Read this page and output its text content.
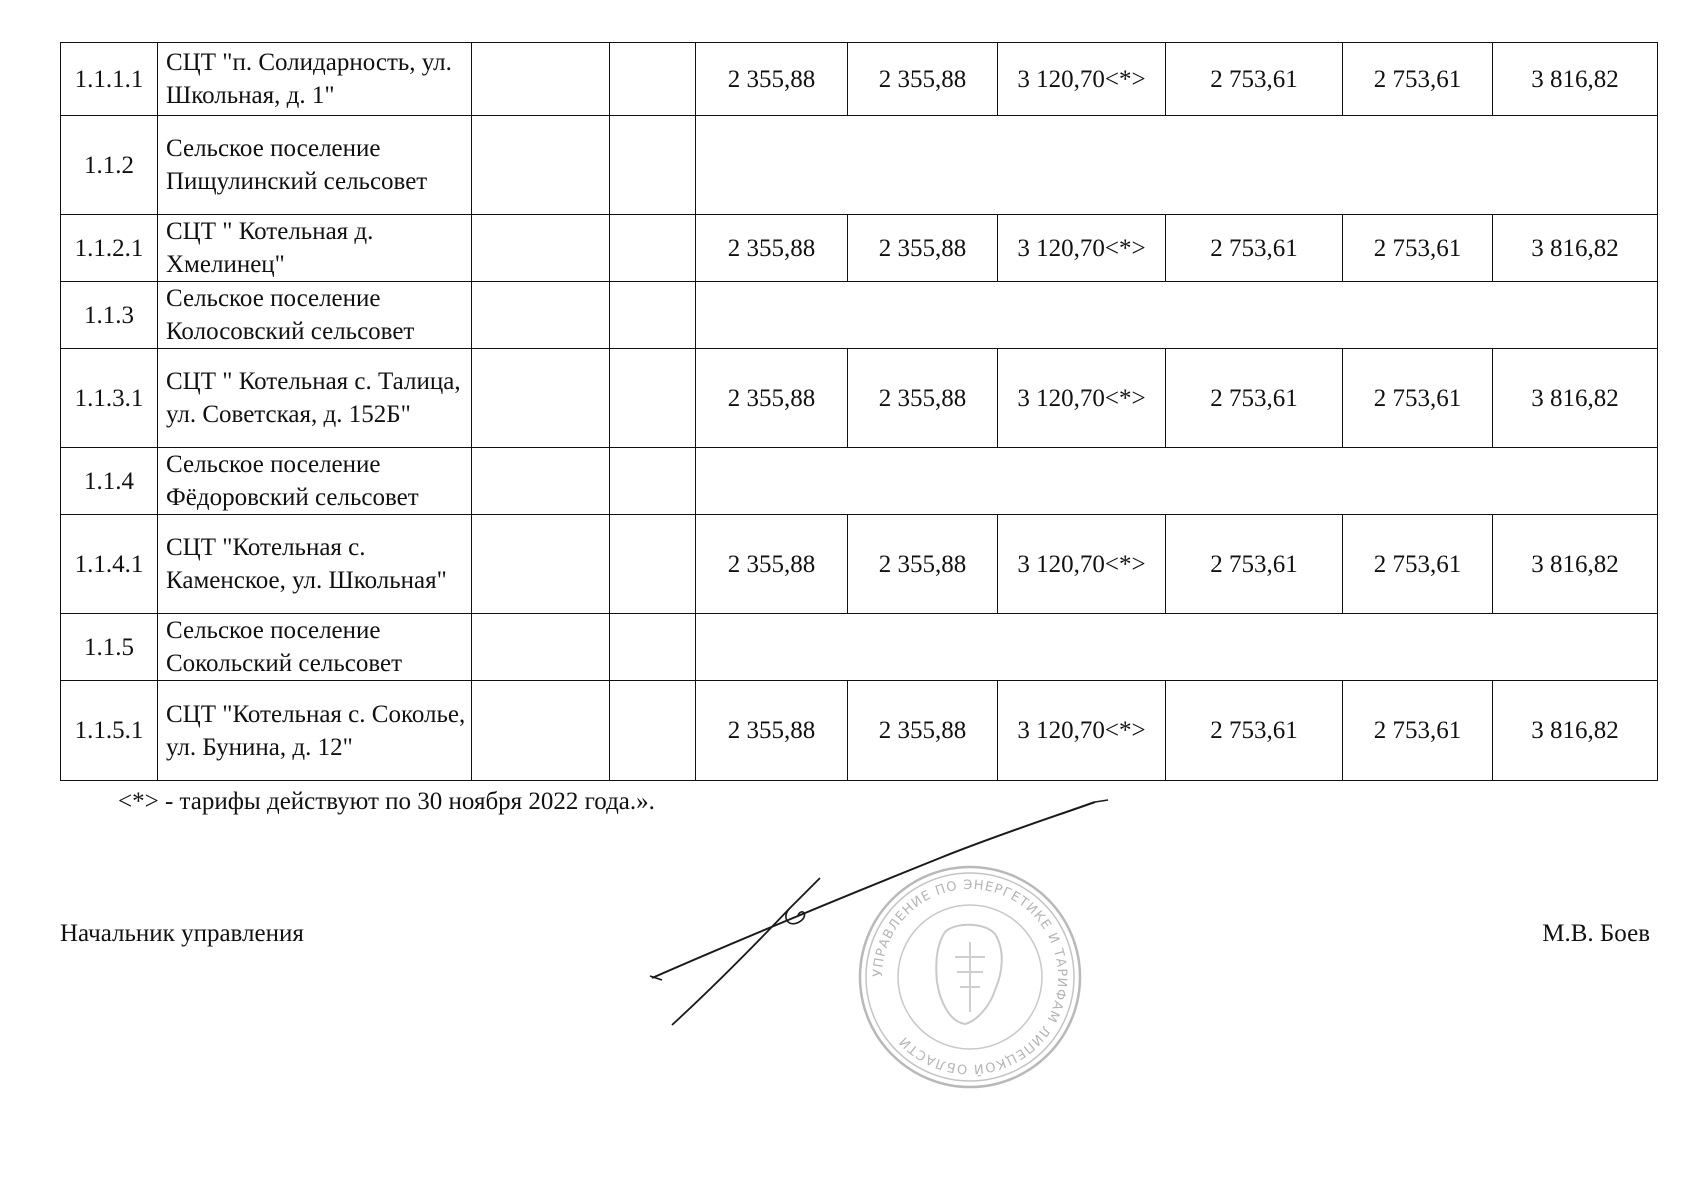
1.1.1.1	СЦТ "п. Солидарность, ул. Школьная, д. 1"			2 355,88	2 355,88	3 120,70<*>	2 753,61	2 753,61	3 816,82
1.1.2	Сельское поселение Пищулинский сельсовет								
1.1.2.1	СЦТ " Котельная д. Хмелинец"			2 355,88	2 355,88	3 120,70<*>	2 753,61	2 753,61	3 816,82
1.1.3	Сельское поселение Колосовский сельсовет								
1.1.3.1	СЦТ " Котельная с. Талица, ул. Советская, д. 152Б"			2 355,88	2 355,88	3 120,70<*>	2 753,61	2 753,61	3 816,82
1.1.4	Сельское поселение Фёдоровский сельсовет								
1.1.4.1	СЦТ "Котельная с. Каменское, ул. Школьная"			2 355,88	2 355,88	3 120,70<*>	2 753,61	2 753,61	3 816,82
1.1.5	Сельское поселение Сокольский сельсовет								
1.1.5.1	СЦТ "Котельная с. Соколье, ул. Бунина, д. 12"			2 355,88	2 355,88	3 120,70<*>	2 753,61	2 753,61	3 816,82
<*> - тарифы действуют по 30 ноября 2022 года.».
Начальник управления	М.В. Боев
УПРАВЛЕНИЕ ПО ЭНЕРГЕТИКЕ И ТАРИФАМ ЛИПЕЦКОЙ ОБЛАСТИ
